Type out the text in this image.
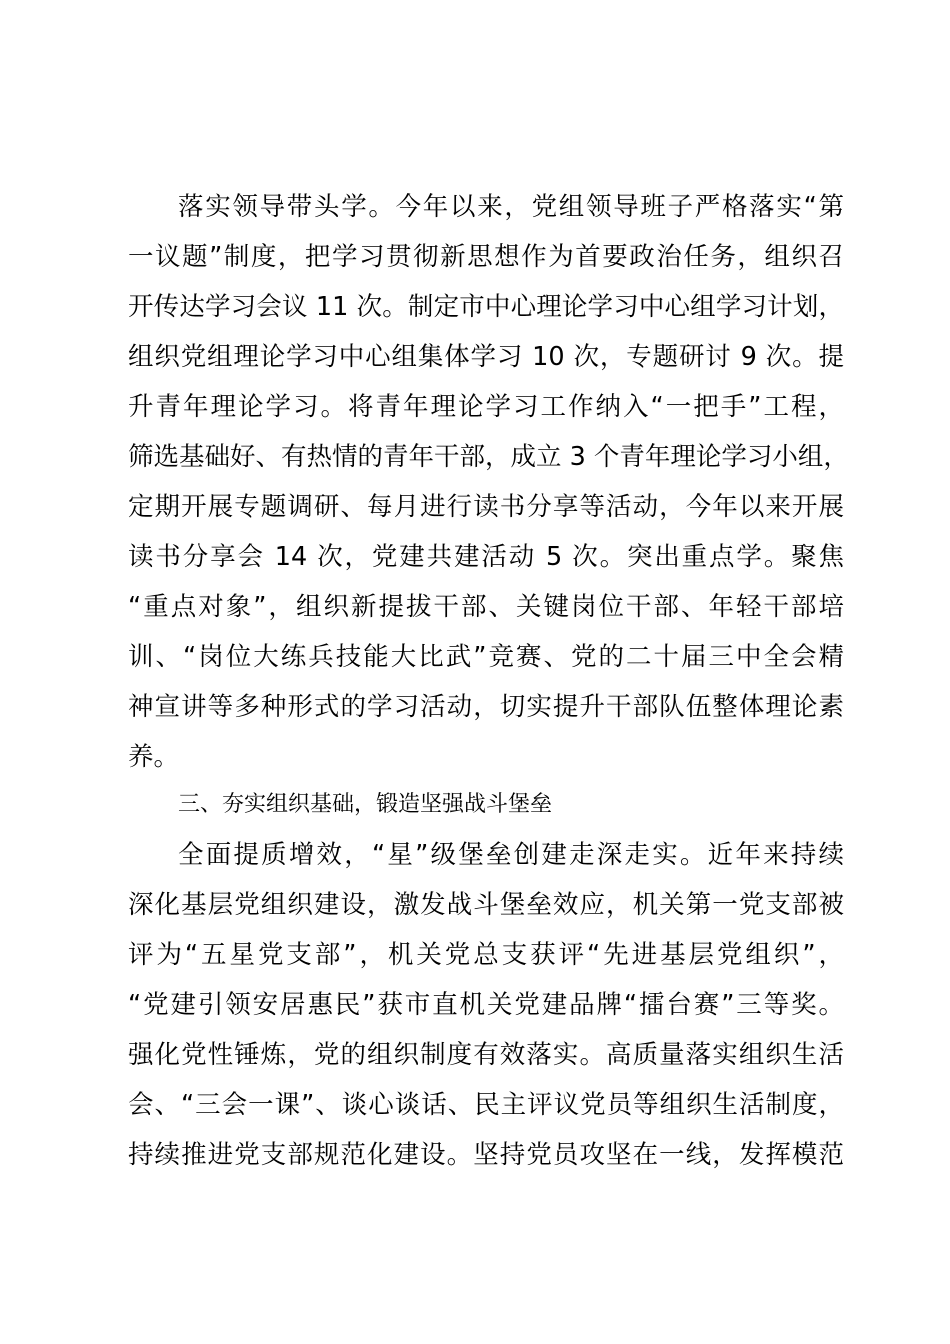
落实领导带头学。今年以来，党组领导班子严格落实“第
一议题”制度，把学习贯彻新思想作为首要政治任务，组织召
开传达学习会议 11 次。制定市中心理论学习中心组学习计划，
组织党组理论学习中心组集体学习 10 次，专题研讨 9 次。提
升青年理论学习。将青年理论学习工作纳入“一把手”工程，
筛选基础好、有热情的青年干部，成立 3 个青年理论学习小组，
定期开展专题调研、每月进行读书分享等活动，今年以来开展
读书分享会 14 次，党建共建活动 5 次。突出重点学。聚焦
“重点对象”，组织新提拔干部、关键岗位干部、年轻干部培
训、“岗位大练兵技能大比武”竞赛、党的二十届三中全会精
神宣讲等多种形式的学习活动，切实提升干部队伍整体理论素
养。
三、夯实组织基础，锻造坚强战斗堡垒
全面提质增效，“星”级堡垒创建走深走实。近年来持续
深化基层党组织建设，激发战斗堡垒效应，机关第一党支部被
评为“五星党支部”，机关党总支获评“先进基层党组织”，
“党建引领安居惠民”获市直机关党建品牌“擂台赛”三等奖。
强化党性锤炼，党的组织制度有效落实。高质量落实组织生活
会、“三会一课”、谈心谈话、民主评议党员等组织生活制度，
持续推进党支部规范化建设。坚持党员攻坚在一线，发挥模范
